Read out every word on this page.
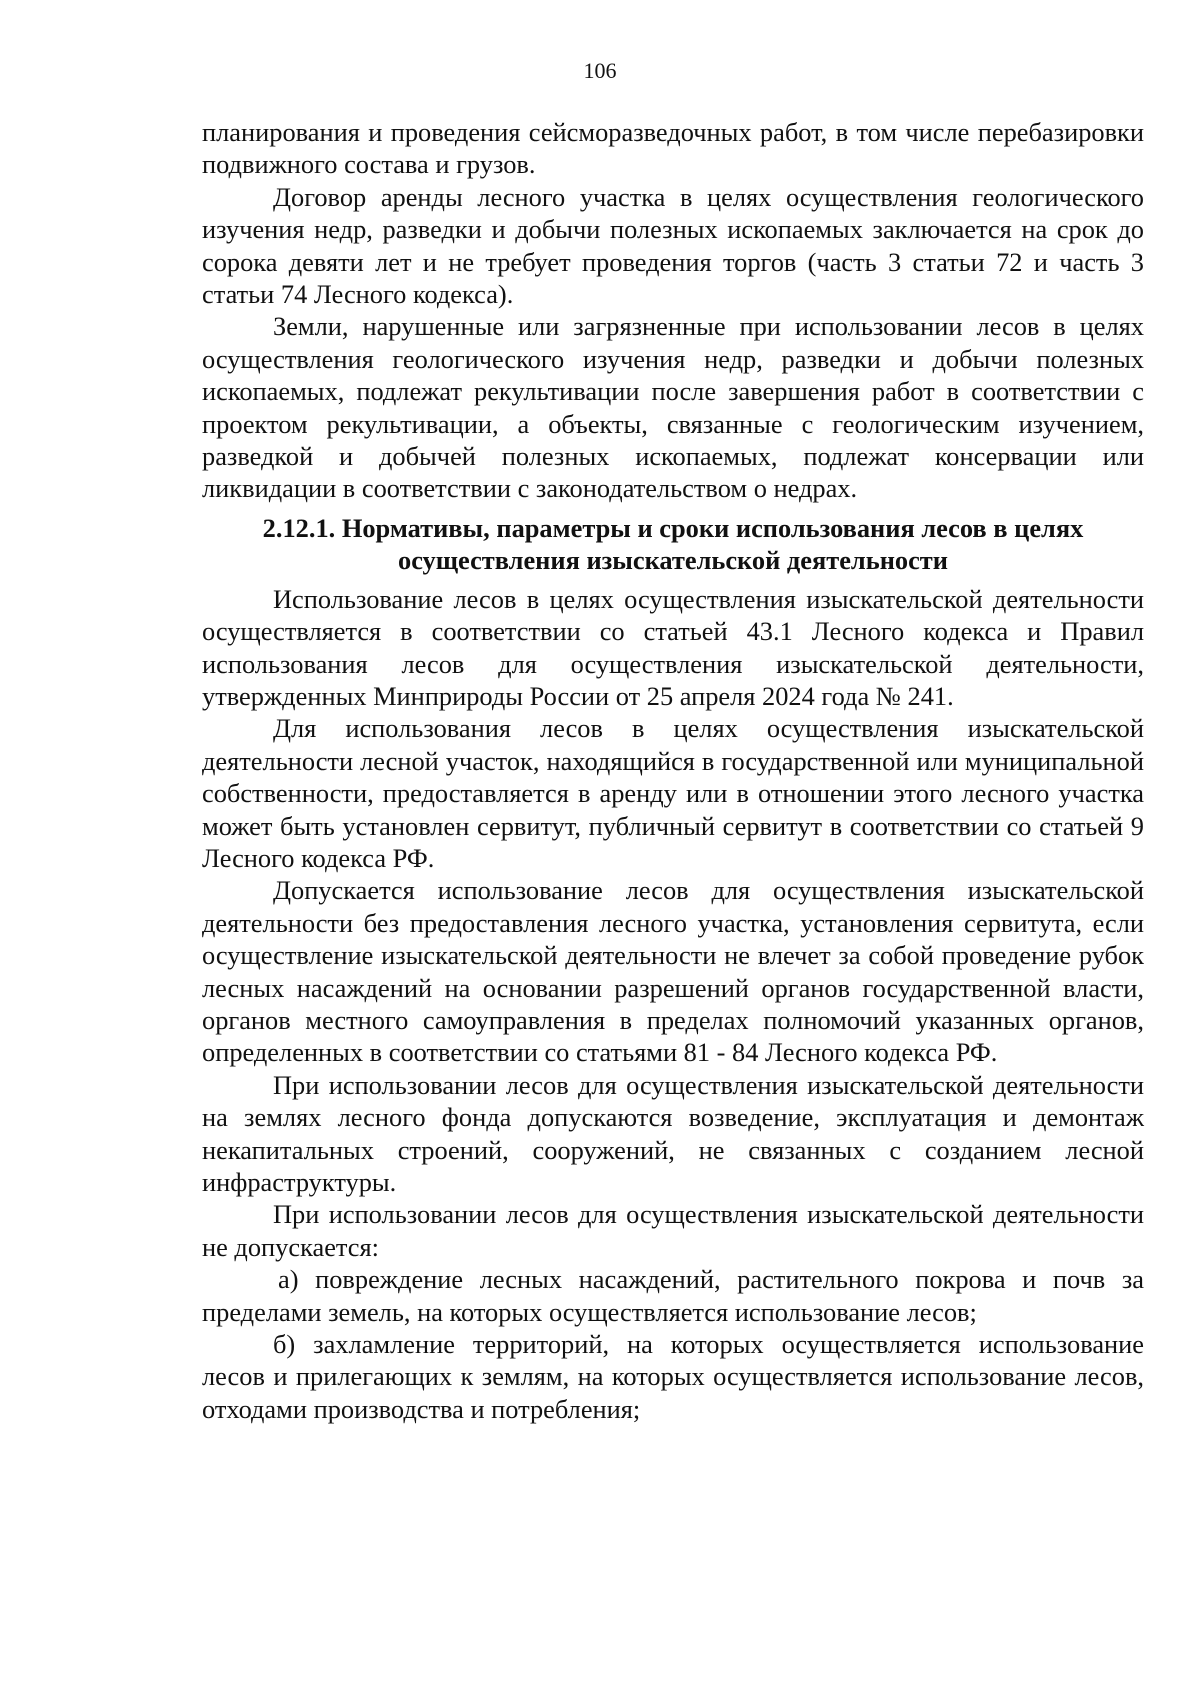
106

планирования и проведения сейсморазведочных работ, в том числе перебазировки подвижного состава и грузов.

Договор аренды лесного участка в целях осуществления геологического изучения недр, разведки и добычи полезных ископаемых заключается на срок до сорока девяти лет и не требует проведения торгов (часть 3 статьи 72 и часть 3 статьи 74 Лесного кодекса).

Земли, нарушенные или загрязненные при использовании лесов в целях осуществления геологического изучения недр, разведки и добычи полезных ископаемых, подлежат рекультивации после завершения работ в соответствии с проектом рекультивации, а объекты, связанные с геологическим изучением, разведкой и добычей полезных ископаемых, подлежат консервации или ликвидации в соответствии с законодательством о недрах.

2.12.1. Нормативы, параметры и сроки использования лесов в целях
осуществления изыскательской деятельности

Использование лесов в целях осуществления изыскательской деятельности осуществляется в соответствии со статьей 43.1 Лесного кодекса и Правил использования лесов для осуществления изыскательской деятельности, утвержденных Минприроды России от 25 апреля 2024 года № 241.

Для использования лесов в целях осуществления изыскательской деятельности лесной участок, находящийся в государственной или муниципальной собственности, предоставляется в аренду или в отношении этого лесного участка может быть установлен сервитут, публичный сервитут в соответствии со статьей 9 Лесного кодекса РФ.

Допускается использование лесов для осуществления изыскательской деятельности без предоставления лесного участка, установления сервитута, если осуществление изыскательской деятельности не влечет за собой проведение рубок лесных насаждений на основании разрешений органов государственной власти, органов местного самоуправления в пределах полномочий указанных органов, определенных в соответствии со статьями 81 - 84 Лесного кодекса РФ.

При использовании лесов для осуществления изыскательской деятельности на землях лесного фонда допускаются возведение, эксплуатация и демонтаж некапитальных строений, сооружений, не связанных с созданием лесной инфраструктуры.

При использовании лесов для осуществления изыскательской деятельности не допускается:

а) повреждение лесных насаждений, растительного покрова и почв за пределами земель, на которых осуществляется использование лесов;

б) захламление территорий, на которых осуществляется использование лесов и прилегающих к землям, на которых осуществляется использование лесов, отходами производства и потребления;
